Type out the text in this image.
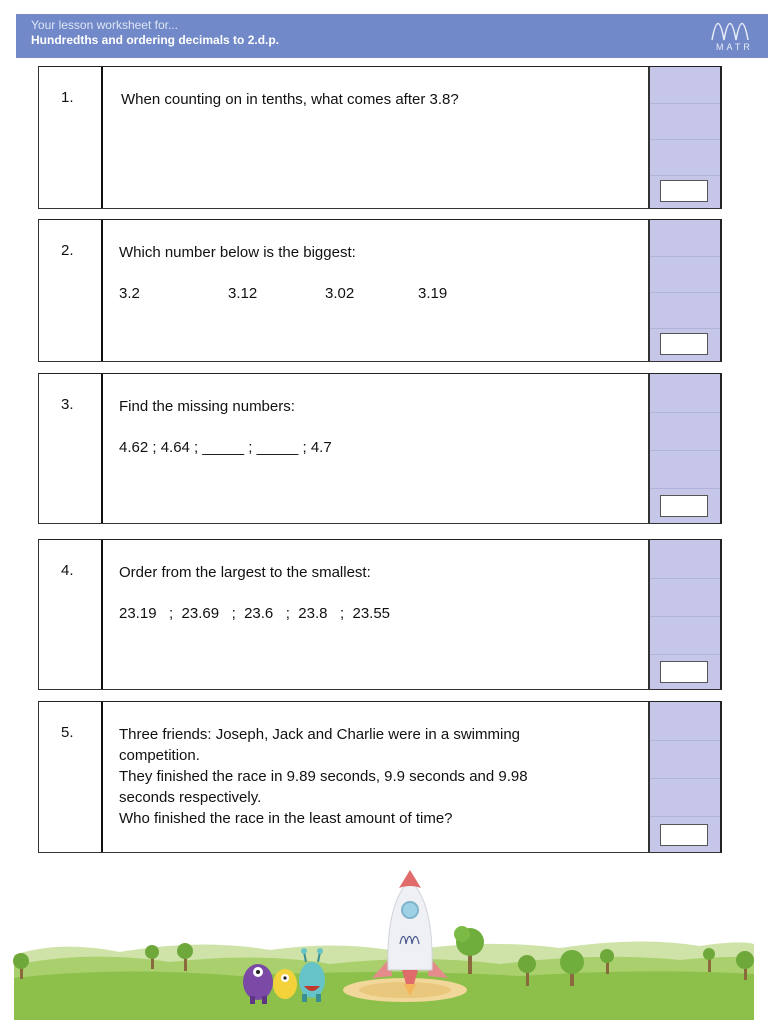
Your lesson worksheet for...
Hundredths and ordering decimals to 2.d.p.	MATR
1.	When counting on in tenths, what comes after 3.8?
2.	Which number below is the biggest:
3.2	3.12	3.02	3.19
3.	Find the missing numbers:
4.62 ; 4.64 ; _____ ; _____ ; 4.7
4.	Order from the largest to the smallest:
23.19   ;  23.69   ;  23.6   ;  23.8   ;  23.55
5.	Three friends: Joseph, Jack and Charlie were in a swimming
competition.
They finished the race in 9.89 seconds, 9.9 seconds and 9.98
seconds respectively.
Who finished the race in the least amount of time?
